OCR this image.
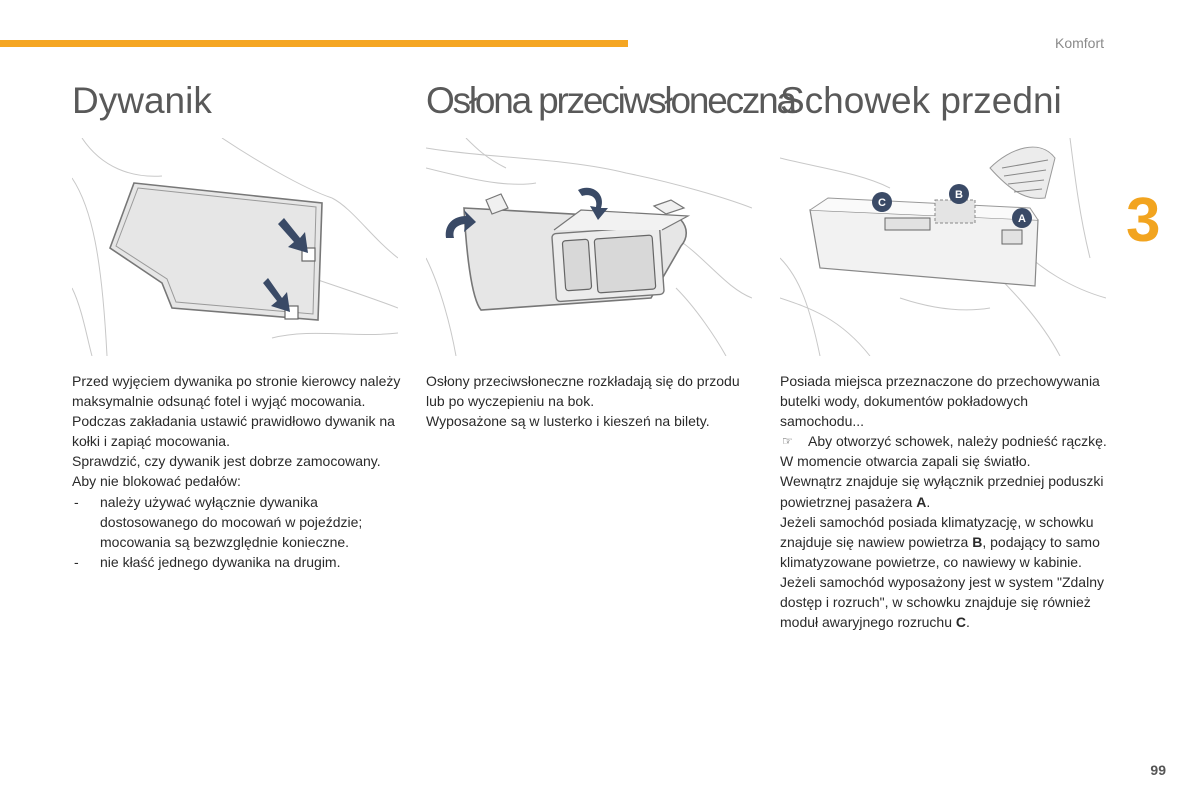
Komfort
3
Dywanik

Przed wyjęciem dywanika po stronie kierowcy należy maksymalnie odsunąć fotel i wyjąć mocowania.

Podczas zakładania ustawić prawidłowo dywanik na kołki i zapiąć mocowania.

Sprawdzić, czy dywanik jest dobrze zamocowany.

Aby nie blokować pedałów:

- należy używać wyłącznie dywanika dostosowanego do mocowań w pojeździe; mocowania są bezwzględnie konieczne.
- nie kłaść jednego dywanika na drugim.
Osłona przeciwsłoneczna

Osłony przeciwsłoneczne rozkładają się do przodu lub po wyczepieniu na bok.

Wyposażone są w lusterko i kieszeń na bilety.

Schowek przedni
C
B
A

Posiada miejsca przeznaczone do przechowywania butelki wody, dokumentów pokładowych samochodu...

☞ Aby otworzyć schowek, należy podnieść rączkę.

W momencie otwarcia zapali się światło.

Wewnątrz znajduje się wyłącznik przedniej poduszki powietrznej pasażera A.

Jeżeli samochód posiada klimatyzację, w schowku znajduje się nawiew powietrza B, podający to samo klimatyzowane powietrze, co nawiewy w kabinie.

Jeżeli samochód wyposażony jest w system "Zdalny dostęp i rozruch", w schowku znajduje się również moduł awaryjnego rozruchu C.

99
